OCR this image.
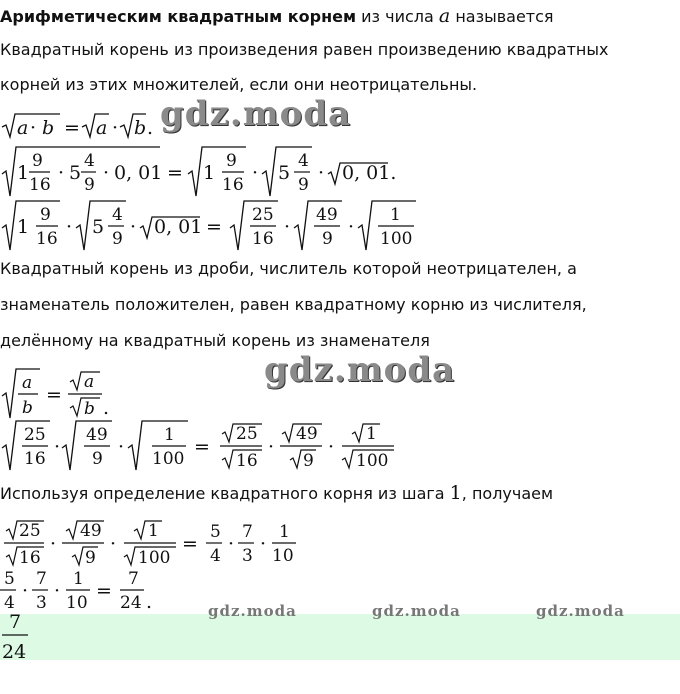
Арифметическим квадратным корнем из числа a называется
Квадратный корень из произведения равен произведению квадратных
корней из этих множителей, если они неотрицательны.
a · b = a · b . gdz.moda
1
9
16
· 5
4
9
· 0, 01 = 1
9
16
· 5
4
9
· 0, 01.
1
9
16
· 5
4
9
· 0, 01 =
25
16
·
49
9
·
1
100
Квадратный корень из дроби, числитель которой неотрицателен, а
знаменатель положителен, равен квадратному корню из числителя,
делённому на квадратный корень из знаменателя
a
b
=
a
b .
gdz.moda
25
16
·
49
9
·
1
100
=
25
16
·
49
9
·
1
100
Используя определение квадратного корня из шага 1, получаем
25
16
·
49
9
·
1
100
=
5
4
·
7
3
·
1
10
5
4
·
7
3
·
1
10
=
7
24 .
7
24
gdz.moda	gdz.moda	gdz.moda
